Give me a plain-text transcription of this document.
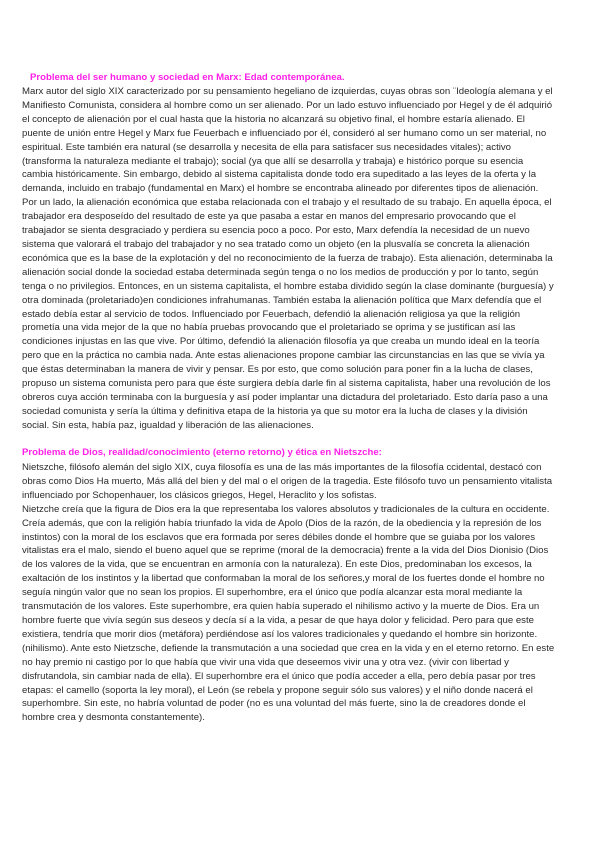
Problema del ser humano y sociedad en Marx: Edad contemporánea.
Marx autor del siglo XIX caracterizado por su pensamiento hegeliano de izquierdas, cuyas obras son ¨Ideología alemana y el
Manifiesto Comunista, considera al hombre como un ser alienado. Por un lado estuvo influenciado por Hegel y de él adquirió
el concepto de alienación por el cual hasta que la historia no alcanzará su objetivo final, el hombre estaría alienado. El
puente de unión entre Hegel y Marx fue Feuerbach e influenciado por él, consideró al ser humano como un ser material, no
espiritual. Este también era natural (se desarrolla y necesita de ella para satisfacer sus necesidades vitales); activo
(transforma la naturaleza mediante el trabajo); social (ya que allí se desarrolla y trabaja) e histórico porque su esencia
cambia históricamente. Sin embargo, debido al sistema capitalista donde todo era supeditado a las leyes de la oferta y la
demanda, incluido en trabajo (fundamental en Marx) el hombre se encontraba alineado por diferentes tipos de alienación.
Por un lado, la alienación económica que estaba relacionada con el trabajo y el resultado de su trabajo. En aquella época, el
trabajador era desposeído del resultado de este ya que pasaba a estar en manos del empresario provocando que el
trabajador se sienta desgraciado y perdiera su esencia poco a poco. Por esto, Marx defendía la necesidad de un nuevo
sistema que valorará el trabajo del trabajador y no sea tratado como un objeto (en la plusvalía se concreta la alienación
económica que es la base de la explotación y del no reconocimiento de la fuerza de trabajo). Esta alienación, determinaba la
alienación social donde la sociedad estaba determinada según tenga o no los medios de producción y por lo tanto, según
tenga o no privilegios. Entonces, en un sistema capitalista, el hombre estaba dividido según la clase dominante (burguesía) y
otra dominada (proletariado)en condiciones infrahumanas. También estaba la alienación política que Marx defendía que el
estado debía estar al servicio de todos. Influenciado por Feuerbach, defendió la alienación religiosa ya que la religión
prometía una vida mejor de la que no había pruebas provocando que el proletariado se oprima y se justifican así las
condiciones injustas en las que vive. Por último, defendió la alienación filosofía ya que creaba un mundo ideal en la teoría
pero que en la práctica no cambia nada. Ante estas alienaciones propone cambiar las circunstancias en las que se vivía ya
que éstas determinaban la manera de vivir y pensar. Es por esto, que como solución para poner fin a la lucha de clases,
propuso un sistema comunista pero para que éste surgiera debía darle fin al sistema capitalista, haber una revolución de los
obreros cuya acción terminaba con la burguesía y así poder implantar una dictadura del proletariado. Esto daría paso a una
sociedad comunista y sería la última y definitiva etapa de la historia ya que su motor era la lucha de clases y la división
social. Sin esta, había paz, igualdad y liberación de las alienaciones.
Problema de Dios, realidad/conocimiento (eterno retorno) y ética en Nietszche:
Nietszche, filósofo alemán del siglo XIX, cuya filosofía es una de las más importantes de la filosofía ccidental, destacó con
obras como Dios Ha muerto, Más allá del bien y del mal o el origen de la tragedia. Este filósofo tuvo un pensamiento vitalista
influenciado por Schopenhauer, los clásicos griegos, Hegel, Heraclito y los sofistas.
Nietzche creía que la figura de Dios era la que representaba los valores absolutos y tradicionales de la cultura en occidente.
Creía además, que con la religión había triunfado la vida de Apolo (Dios de la razón, de la obediencia y la represión de los
instintos) con la moral de los esclavos que era formada por seres débiles donde el hombre que se guiaba por los valores
vitalistas era el malo, siendo el bueno aquel que se reprime (moral de la democracia) frente a la vida del Dios Dionisio (Dios
de los valores de la vida, que se encuentran en armonía con la naturaleza). En este Dios, predominaban los excesos, la
exaltación de los instintos y la libertad que conformaban la moral de los señores,y moral de los fuertes donde el hombre no
seguía ningún valor que no sean los propios. El superhombre, era el único que podía alcanzar esta moral mediante la
transmutación de los valores. Este superhombre, era quien había superado el nihilismo activo y la muerte de Dios. Era un
hombre fuerte que vivía según sus deseos y decía sí a la vida, a pesar de que haya dolor y felicidad. Pero para que este
existiera, tendría que morir dios (metáfora) perdiéndose así los valores tradicionales y quedando el hombre sin horizonte.
(nihilismo). Ante esto Nietzsche, defiende la transmutación a una sociedad que crea en la vida y en el eterno retorno. En este
no hay premio ni castigo por lo que había que vivir una vida que deseemos vivir una y otra vez. (vivir con libertad y
disfrutandola, sin cambiar nada de ella). El superhombre era el único que podía acceder a ella, pero debía pasar por tres
etapas: el camello (soporta la ley moral), el León (se rebela y propone seguir sólo sus valores) y el niño donde nacerá el
superhombre. Sin este, no habría voluntad de poder (no es una voluntad del más fuerte, sino la de creadores donde el
hombre crea y desmonta constantemente).
